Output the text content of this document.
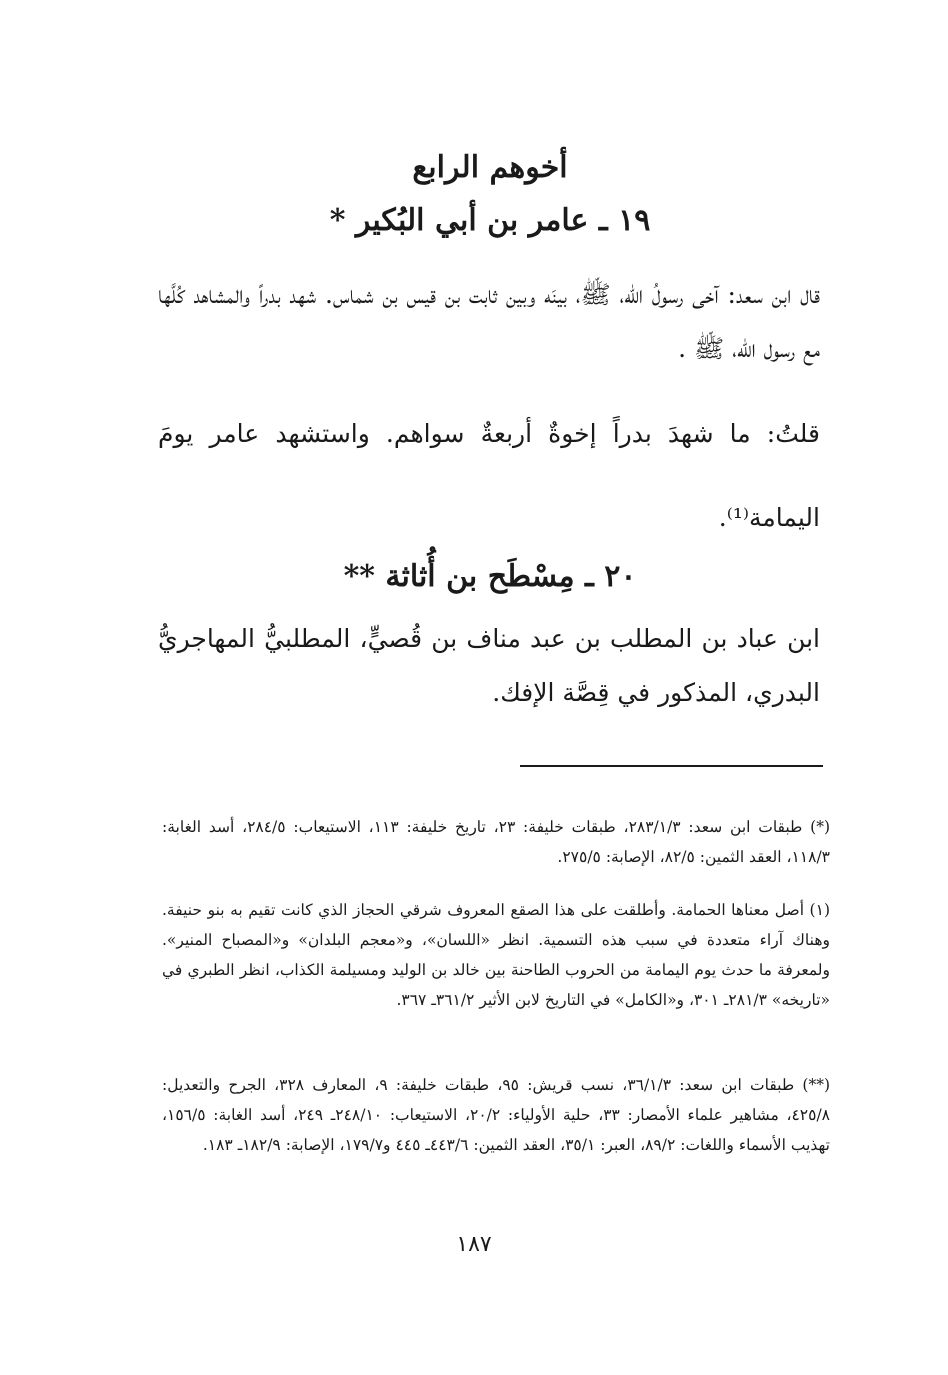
أخوهم الرابع
١٩ ـ عامر بن أبي البُكير *
قال ابن سعد: آخى رسولُ الله، ﷺ، بينَه وبين ثابت بن قيس بن شماس. شهد بدراً والمشاهد كُلَّها مع رسول الله، ﷺ .
قلتُ: ما شهدَ بدراً إخوةٌ أربعةٌ سواهم. واستشهد عامر يومَ اليمامة⁽¹⁾.
٢٠ ـ مِسْطَح بن أُثاثة **
ابن عباد بن المطلب بن عبد مناف بن قُصيٍّ، المطلبيُّ المهاجريُّ البدري، المذكور في قِصَّة الإفك.
(*) طبقات ابن سعد: ٢٨٣/١/٣، طبقات خليفة: ٢٣، تاريخ خليفة: ١١٣، الاستيعاب: ٢٨٤/٥، أسد الغابة: ١١٨/٣، العقد الثمين: ٨٢/٥، الإصابة: ٢٧٥/٥.
(١) أصل معناها الحمامة. وأطلقت على هذا الصقع المعروف شرقي الحجاز الذي كانت تقيم به بنو حنيفة. وهناك آراء متعددة في سبب هذه التسمية. انظر «اللسان»، و«معجم البلدان» و«المصباح المنير». ولمعرفة ما حدث يوم اليمامة من الحروب الطاحنة بين خالد بن الوليد ومسيلمة الكذاب، انظر الطبري في «تاريخه» ٢٨١/٣ـ ٣٠١، و«الكامل» في التاريخ لابن الأثير ٣٦١/٢ـ ٣٦٧.
(**) طبقات ابن سعد: ٣٦/١/٣، نسب قريش: ٩٥، طبقات خليفة: ٩، المعارف ٣٢٨، الجرح والتعديل: ٤٢٥/٨، مشاهير علماء الأمصار: ٣٣، حلية الأولياء: ٢٠/٢، الاستيعاب: ٢٤٨/١٠ـ ٢٤٩، أسد الغابة: ١٥٦/٥، تهذيب الأسماء واللغات: ٨٩/٢، العبر: ٣٥/١، العقد الثمين: ٤٤٣/٦ـ ٤٤٥ و١٧٩/٧، الإصابة: ١٨٢/٩ـ ١٨٣.
١٨٧
